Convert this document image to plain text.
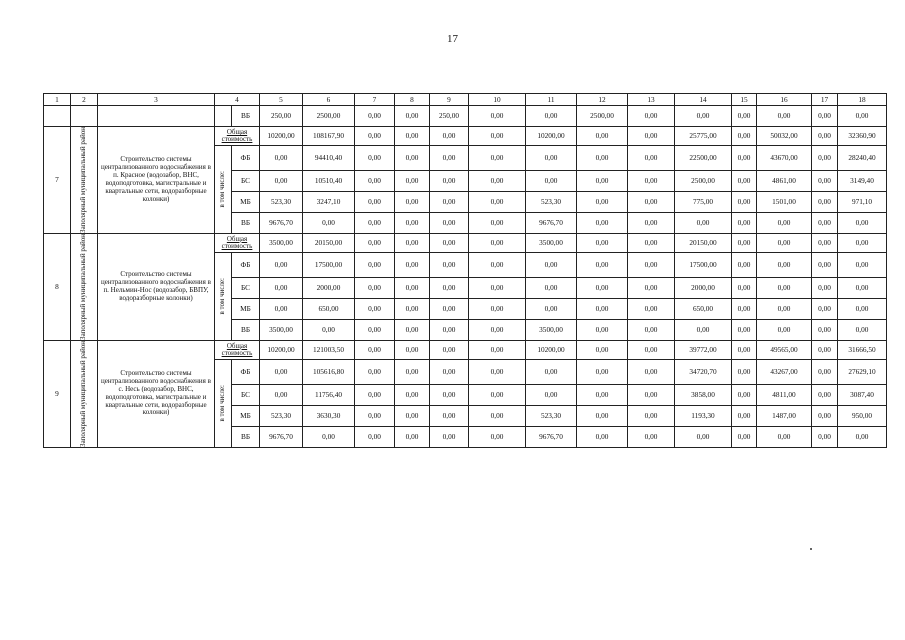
17
1	2	3	4		5	6	7	8	9	10	11	12	13	14	15	16	17	18
				ВБ	250,00	2500,00	0,00	0,00	250,00	0,00	0,00	2500,00	0,00	0,00	0,00	0,00	0,00	0,00
7	Заполярный муниципальный район	Строительство системы централизованного водоснабжения в п. Красное (водозабор, ВНС, водоподготовка, магистральные и квартальные сети, водоразборные колонки)	Общая стоимость		10200,00	108167,90	0,00	0,00	0,00	0,00	10200,00	0,00	0,00	25775,00	0,00	50032,00	0,00	32360,90

			в том числе:	ФБ	0,00	94410,40	0,00	0,00	0,00	0,00	0,00	0,00	0,00	22500,00	0,00	43670,00	0,00	28240,40
				БС	0,00	10510,40	0,00	0,00	0,00	0,00	0,00	0,00	0,00	2500,00	0,00	4861,00	0,00	3149,40
				МБ	523,30	3247,10	0,00	0,00	0,00	0,00	523,30	0,00	0,00	775,00	0,00	1501,00	0,00	971,10
				ВБ	9676,70	0,00	0,00	0,00	0,00	0,00	9676,70	0,00	0,00	0,00	0,00	0,00	0,00	0,00
8	Заполярный муниципальный район	Строительство системы централизованного водоснабжения в п. Нельмин-Нос (водозабор, БВПУ, водоразборные колонки)	Общая стоимость		3500,00	20150,00	0,00	0,00	0,00	0,00	3500,00	0,00	0,00	20150,00	0,00	0,00	0,00	0,00

			в том числе:	ФБ	0,00	17500,00	0,00	0,00	0,00	0,00	0,00	0,00	0,00	17500,00	0,00	0,00	0,00	0,00
				БС	0,00	2000,00	0,00	0,00	0,00	0,00	0,00	0,00	0,00	2000,00	0,00	0,00	0,00	0,00
				МБ	0,00	650,00	0,00	0,00	0,00	0,00	0,00	0,00	0,00	650,00	0,00	0,00	0,00	0,00
				ВБ	3500,00	0,00	0,00	0,00	0,00	0,00	3500,00	0,00	0,00	0,00	0,00	0,00	0,00	0,00
9	Заполярный муниципальный район	Строительство системы централизованного водоснабжения в с. Несь (водозабор, ВНС, водоподготовка, магистральные и квартальные сети, водоразборные колонки)	Общая стоимость		10200,00	121003,50	0,00	0,00	0,00	0,00	10200,00	0,00	0,00	39772,00	0,00	49565,00	0,00	31666,50

			в том числе:	ФБ	0,00	105616,80	0,00	0,00	0,00	0,00	0,00	0,00	0,00	34720,70	0,00	43267,00	0,00	27629,10
				БС	0,00	11756,40	0,00	0,00	0,00	0,00	0,00	0,00	0,00	3858,00	0,00	4811,00	0,00	3087,40
				МБ	523,30	3630,30	0,00	0,00	0,00	0,00	523,30	0,00	0,00	1193,30	0,00	1487,00	0,00	950,00
				ВБ	9676,70	0,00	0,00	0,00	0,00	0,00	9676,70	0,00	0,00	0,00	0,00	0,00	0,00	0,00
